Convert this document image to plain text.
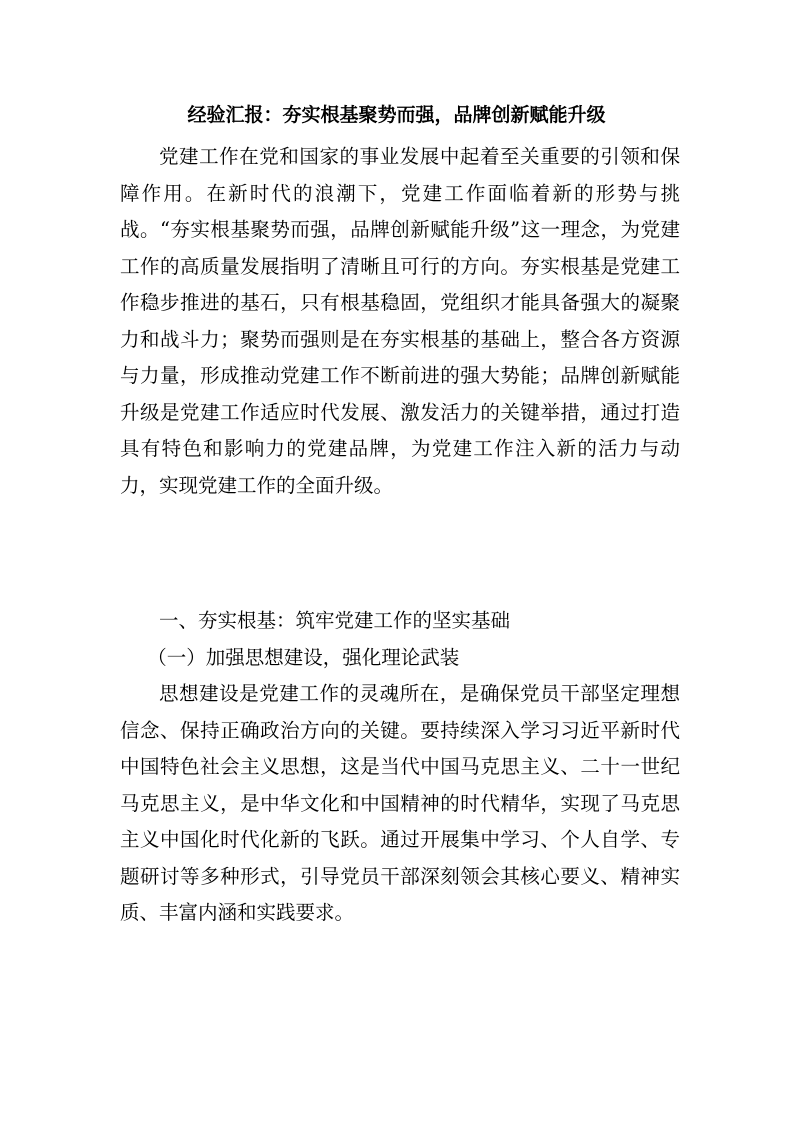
经验汇报：夯实根基聚势而强，品牌创新赋能升级

党建工作在党和国家的事业发展中起着至关重要的引领和保障作用。在新时代的浪潮下，党建工作面临着新的形势与挑战。“夯实根基聚势而强，品牌创新赋能升级”这一理念，为党建工作的高质量发展指明了清晰且可行的方向。夯实根基是党建工作稳步推进的基石，只有根基稳固，党组织才能具备强大的凝聚力和战斗力；聚势而强则是在夯实根基的基础上，整合各方资源与力量，形成推动党建工作不断前进的强大势能；品牌创新赋能升级是党建工作适应时代发展、激发活力的关键举措，通过打造具有特色和影响力的党建品牌，为党建工作注入新的活力与动力，实现党建工作的全面升级。

一、夯实根基：筑牢党建工作的坚实基础

（一）加强思想建设，强化理论武装

思想建设是党建工作的灵魂所在，是确保党员干部坚定理想信念、保持正确政治方向的关键。要持续深入学习习近平新时代中国特色社会主义思想，这是当代中国马克思主义、二十一世纪马克思主义，是中华文化和中国精神的时代精华，实现了马克思主义中国化时代化新的飞跃。通过开展集中学习、个人自学、专题研讨等多种形式，引导党员干部深刻领会其核心要义、精神实质、丰富内涵和实践要求。
